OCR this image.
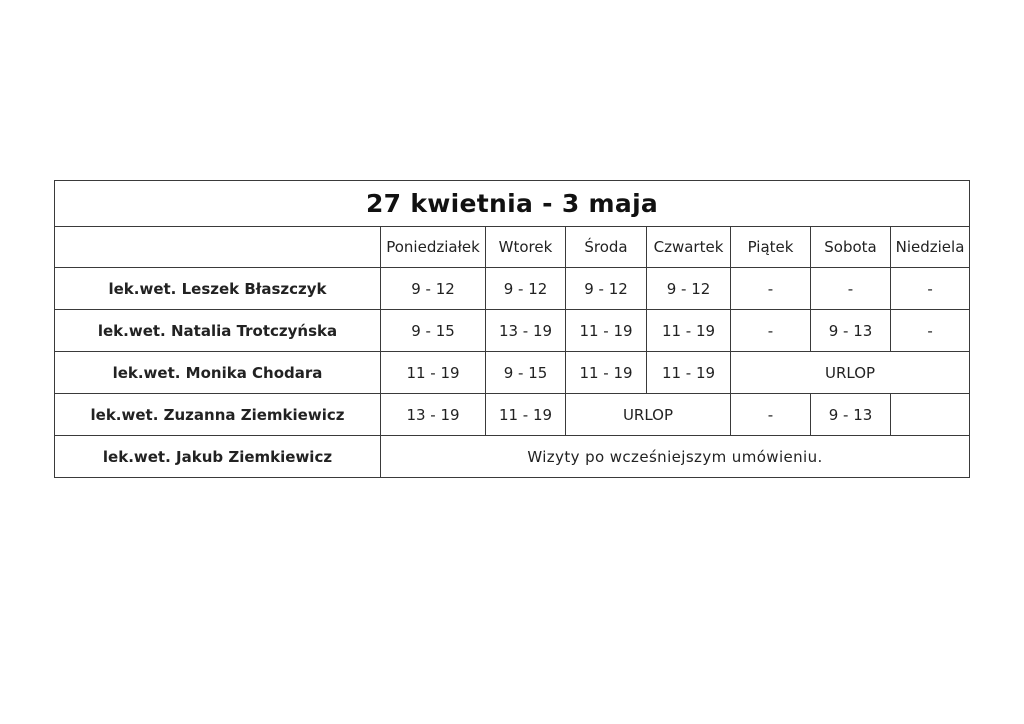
27 kwietnia - 3 maja							
	Poniedziałek	Wtorek	Środa	Czwartek	Piątek	Sobota	Niedziela
lek.wet. Leszek Błaszczyk	9 - 12	9 - 12	9 - 12	9 - 12	-	-	-
lek.wet. Natalia Trotczyńska	9 - 15	13 - 19	11 - 19	11 - 19	-	9 - 13	-
lek.wet. Monika Chodara	11 - 19	9 - 15	11 - 19	11 - 19	URLOP		
lek.wet. Zuzanna Ziemkiewicz	13 - 19	11 - 19	URLOP		-	9 - 13	
lek.wet. Jakub Ziemkiewicz	Wizyty po wcześniejszym umówieniu.						
